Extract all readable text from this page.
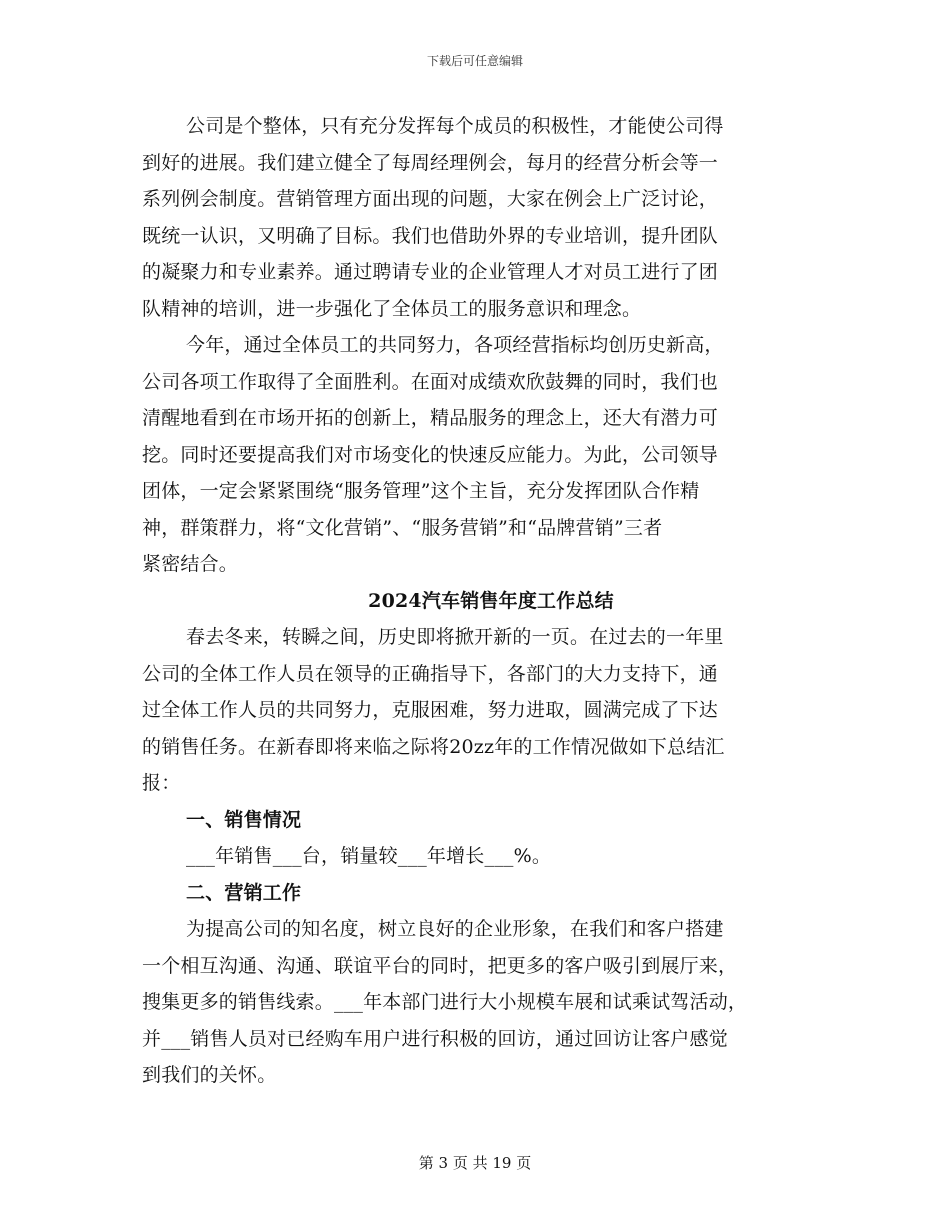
下载后可任意编辑
公司是个整体，只有充分发挥每个成员的积极性，才能使公司得
到好的进展。我们建立健全了每周经理例会，每月的经营分析会等一
系列例会制度。营销管理方面出现的问题，大家在例会上广泛讨论，
既统一认识，又明确了目标。我们也借助外界的专业培训，提升团队
的凝聚力和专业素养。通过聘请专业的企业管理人才对员工进行了团
队精神的培训，进一步强化了全体员工的服务意识和理念。
今年，通过全体员工的共同努力，各项经营指标均创历史新高，
公司各项工作取得了全面胜利。在面对成绩欢欣鼓舞的同时，我们也
清醒地看到在市场开拓的创新上，精品服务的理念上，还大有潜力可
挖。同时还要提高我们对市场变化的快速反应能力。为此，公司领导
团体，一定会紧紧围绕“服务管理”这个主旨，充分发挥团队合作精
神，群策群力，将“文化营销”、“服务营销”和“品牌营销”三者
紧密结合。
2024汽车销售年度工作总结
春去冬来，转瞬之间，历史即将掀开新的一页。在过去的一年里
公司的全体工作人员在领导的正确指导下，各部门的大力支持下，通
过全体工作人员的共同努力，克服困难，努力进取，圆满完成了下达
的销售任务。在新春即将来临之际将20zz年的工作情况做如下总结汇
报：
一、销售情况
___年销售___台，销量较___年增长___%。
二、营销工作
为提高公司的知名度，树立良好的企业形象，在我们和客户搭建
一个相互沟通、沟通、联谊平台的同时，把更多的客户吸引到展厅来，
搜集更多的销售线索。___年本部门进行大小规模车展和试乘试驾活动，
并___销售人员对已经购车用户进行积极的回访，通过回访让客户感觉
到我们的关怀。
第 3 页 共 19 页
